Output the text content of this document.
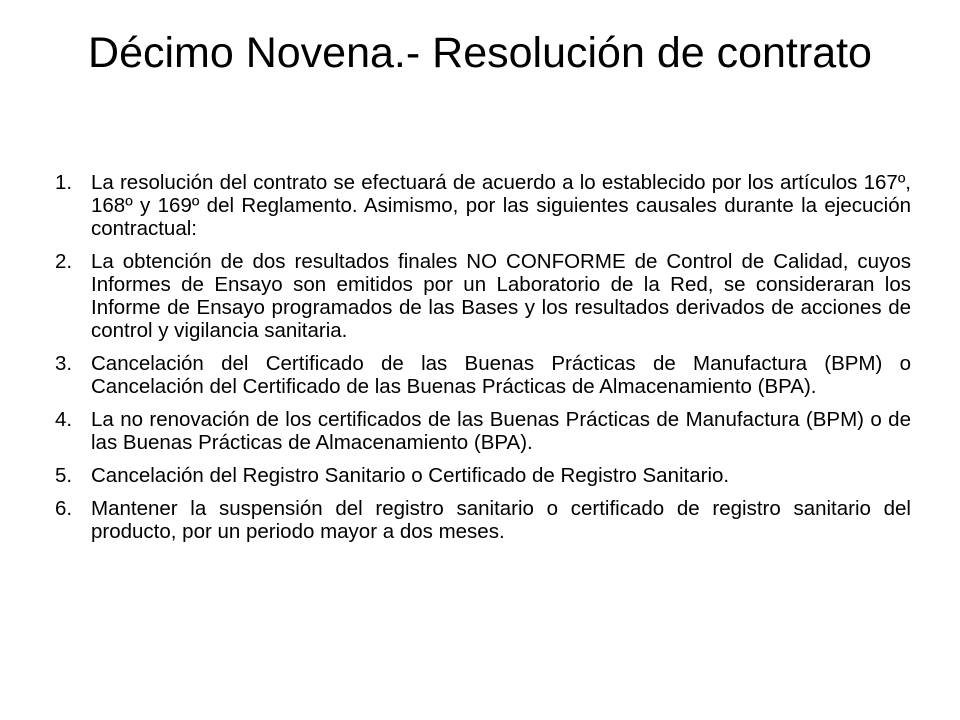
Décimo Novena.- Resolución de contrato
1. La resolución del contrato se efectuará de acuerdo a lo establecido por los artículos 167º, 168º y 169º del Reglamento. Asimismo, por las siguientes causales durante la ejecución contractual:
2. La obtención de dos resultados finales NO CONFORME de Control de Calidad, cuyos Informes de Ensayo son emitidos por un Laboratorio de la Red, se consideraran los Informe de Ensayo programados de las Bases y los resultados derivados de acciones de control y vigilancia sanitaria.
3. Cancelación del Certificado de las Buenas Prácticas de Manufactura (BPM) o Cancelación del Certificado de las Buenas Prácticas de Almacenamiento (BPA).
4. La no renovación de los certificados de las Buenas Prácticas de Manufactura (BPM) o de las Buenas Prácticas de Almacenamiento (BPA).
5. Cancelación del Registro Sanitario o Certificado de Registro Sanitario.
6. Mantener la suspensión del registro sanitario o certificado de registro sanitario del producto, por un periodo mayor a dos meses.
